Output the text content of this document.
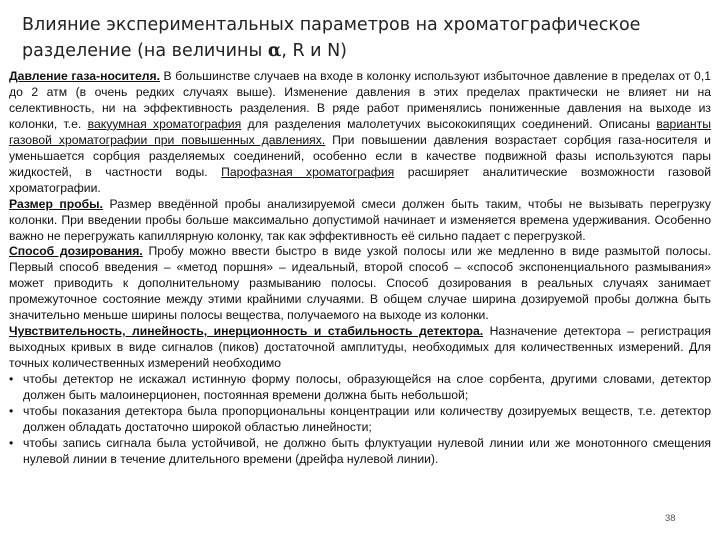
Влияние экспериментальных параметров на хроматографическое разделение (на величины α, R и N)

Давление газа-носителя. В большинстве случаев на входе в колонку используют избыточное давление в пределах от 0,1 до 2 атм (в очень редких случаях выше). Изменение давления в этих пределах практически не влияет ни на селективность, ни на эффективность разделения. В ряде работ применялись пониженные давления на выходе из колонки, т.е. вакуумная хроматография для разделения малолетучих высококипящих соединений. Описаны варианты газовой хроматографии при повышенных давлениях. При повышении давления возрастает сорбция газа-носителя и уменьшается сорбция разделяемых соединений, особенно если в качестве подвижной фазы используются пары жидкостей, в частности воды. Парофазная хроматография расширяет аналитические возможности газовой хроматографии.

Размер пробы. Размер введённой пробы анализируемой смеси должен быть таким, чтобы не вызывать перегрузку колонки. При введении пробы больше максимально допустимой начинает и изменяется времена удерживания. Особенно важно не перегружать капиллярную колонку, так как эффективность её сильно падает с перегрузкой.

Способ дозирования. Пробу можно ввести быстро в виде узкой полосы или же медленно в виде размытой полосы. Первый способ введения – «метод поршня» – идеальный, второй способ – «способ экспоненциального размывания» может приводить к дополнительному размыванию полосы. Способ дозирования в реальных случаях занимает промежуточное состояние между этими крайними случаями. В общем случае ширина дозируемой пробы должна быть значительно меньше ширины полосы вещества, получаемого на выходе из колонки.

Чувствительность, линейность, инерционность и стабильность детектора. Назначение детектора – регистрация выходных кривых в виде сигналов (пиков) достаточной амплитуды, необходимых для количественных измерений. Для точных количественных измерений необходимо

• чтобы детектор не искажал истинную форму полосы, образующейся на слое сорбента, другими словами, детектор должен быть малоинерционен, постоянная времени должна быть небольшой;
• чтобы показания детектора была пропорциональны концентрации или количеству дозируемых веществ, т.е. детектор должен обладать достаточно широкой областью линейности;
• чтобы запись сигнала была устойчивой, не должно быть флуктуации нулевой линии или же монотонного смещения нулевой линии в течение длительного времени (дрейфа нулевой линии).
38
